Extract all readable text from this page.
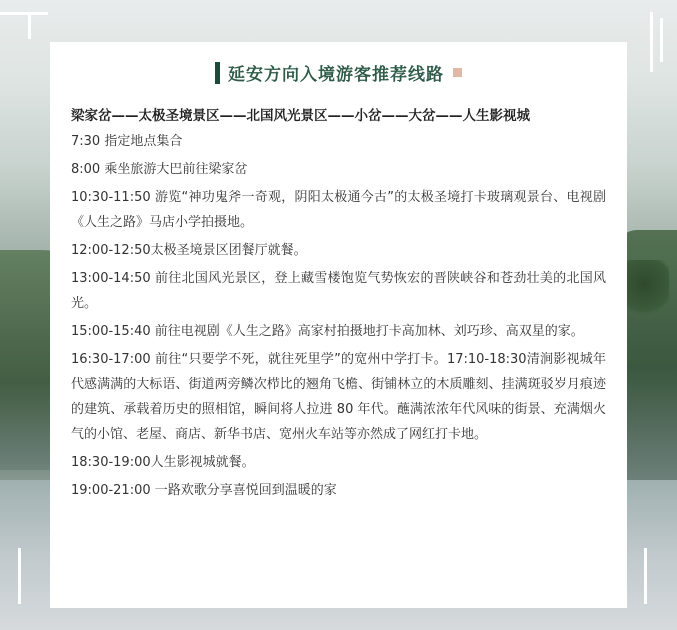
延安方向入境游客推荐线路
梁家岔——太极圣境景区——北国风光景区——小岔——大岔——人生影视城

7:30 指定地点集合

8:00 乘坐旅游大巴前往梁家岔

10:30-11:50 游览“神功鬼斧一奇观，阴阳太极通今古”的太极圣境打卡玻璃观景台、电视剧《人生之路》马店小学拍摄地。

12:00-12:50太极圣境景区团餐厅就餐。

13:00-14:50 前往北国风光景区，登上藏雪楼饱览气势恢宏的晋陕峡谷和苍劲壮美的北国风光。

15:00-15:40 前往电视剧《人生之路》高家村拍摄地打卡高加林、刘巧珍、高双星的家。

16:30-17:00 前往“只要学不死，就往死里学”的宽州中学打卡。17:10-18:30清涧影视城年代感满满的大标语、街道两旁鳞次栉比的翘角飞檐、街铺林立的木质雕刻、挂满斑驳岁月痕迹的建筑、承载着历史的照相馆，瞬间将人拉进 80 年代。蘸满浓浓年代风味的街景、充满烟火气的小馆、老屋、商店、新华书店、宽州火车站等亦然成了网红打卡地。

18:30-19:00人生影视城就餐。

19:00-21:00 一路欢歌分享喜悦回到温暖的家
